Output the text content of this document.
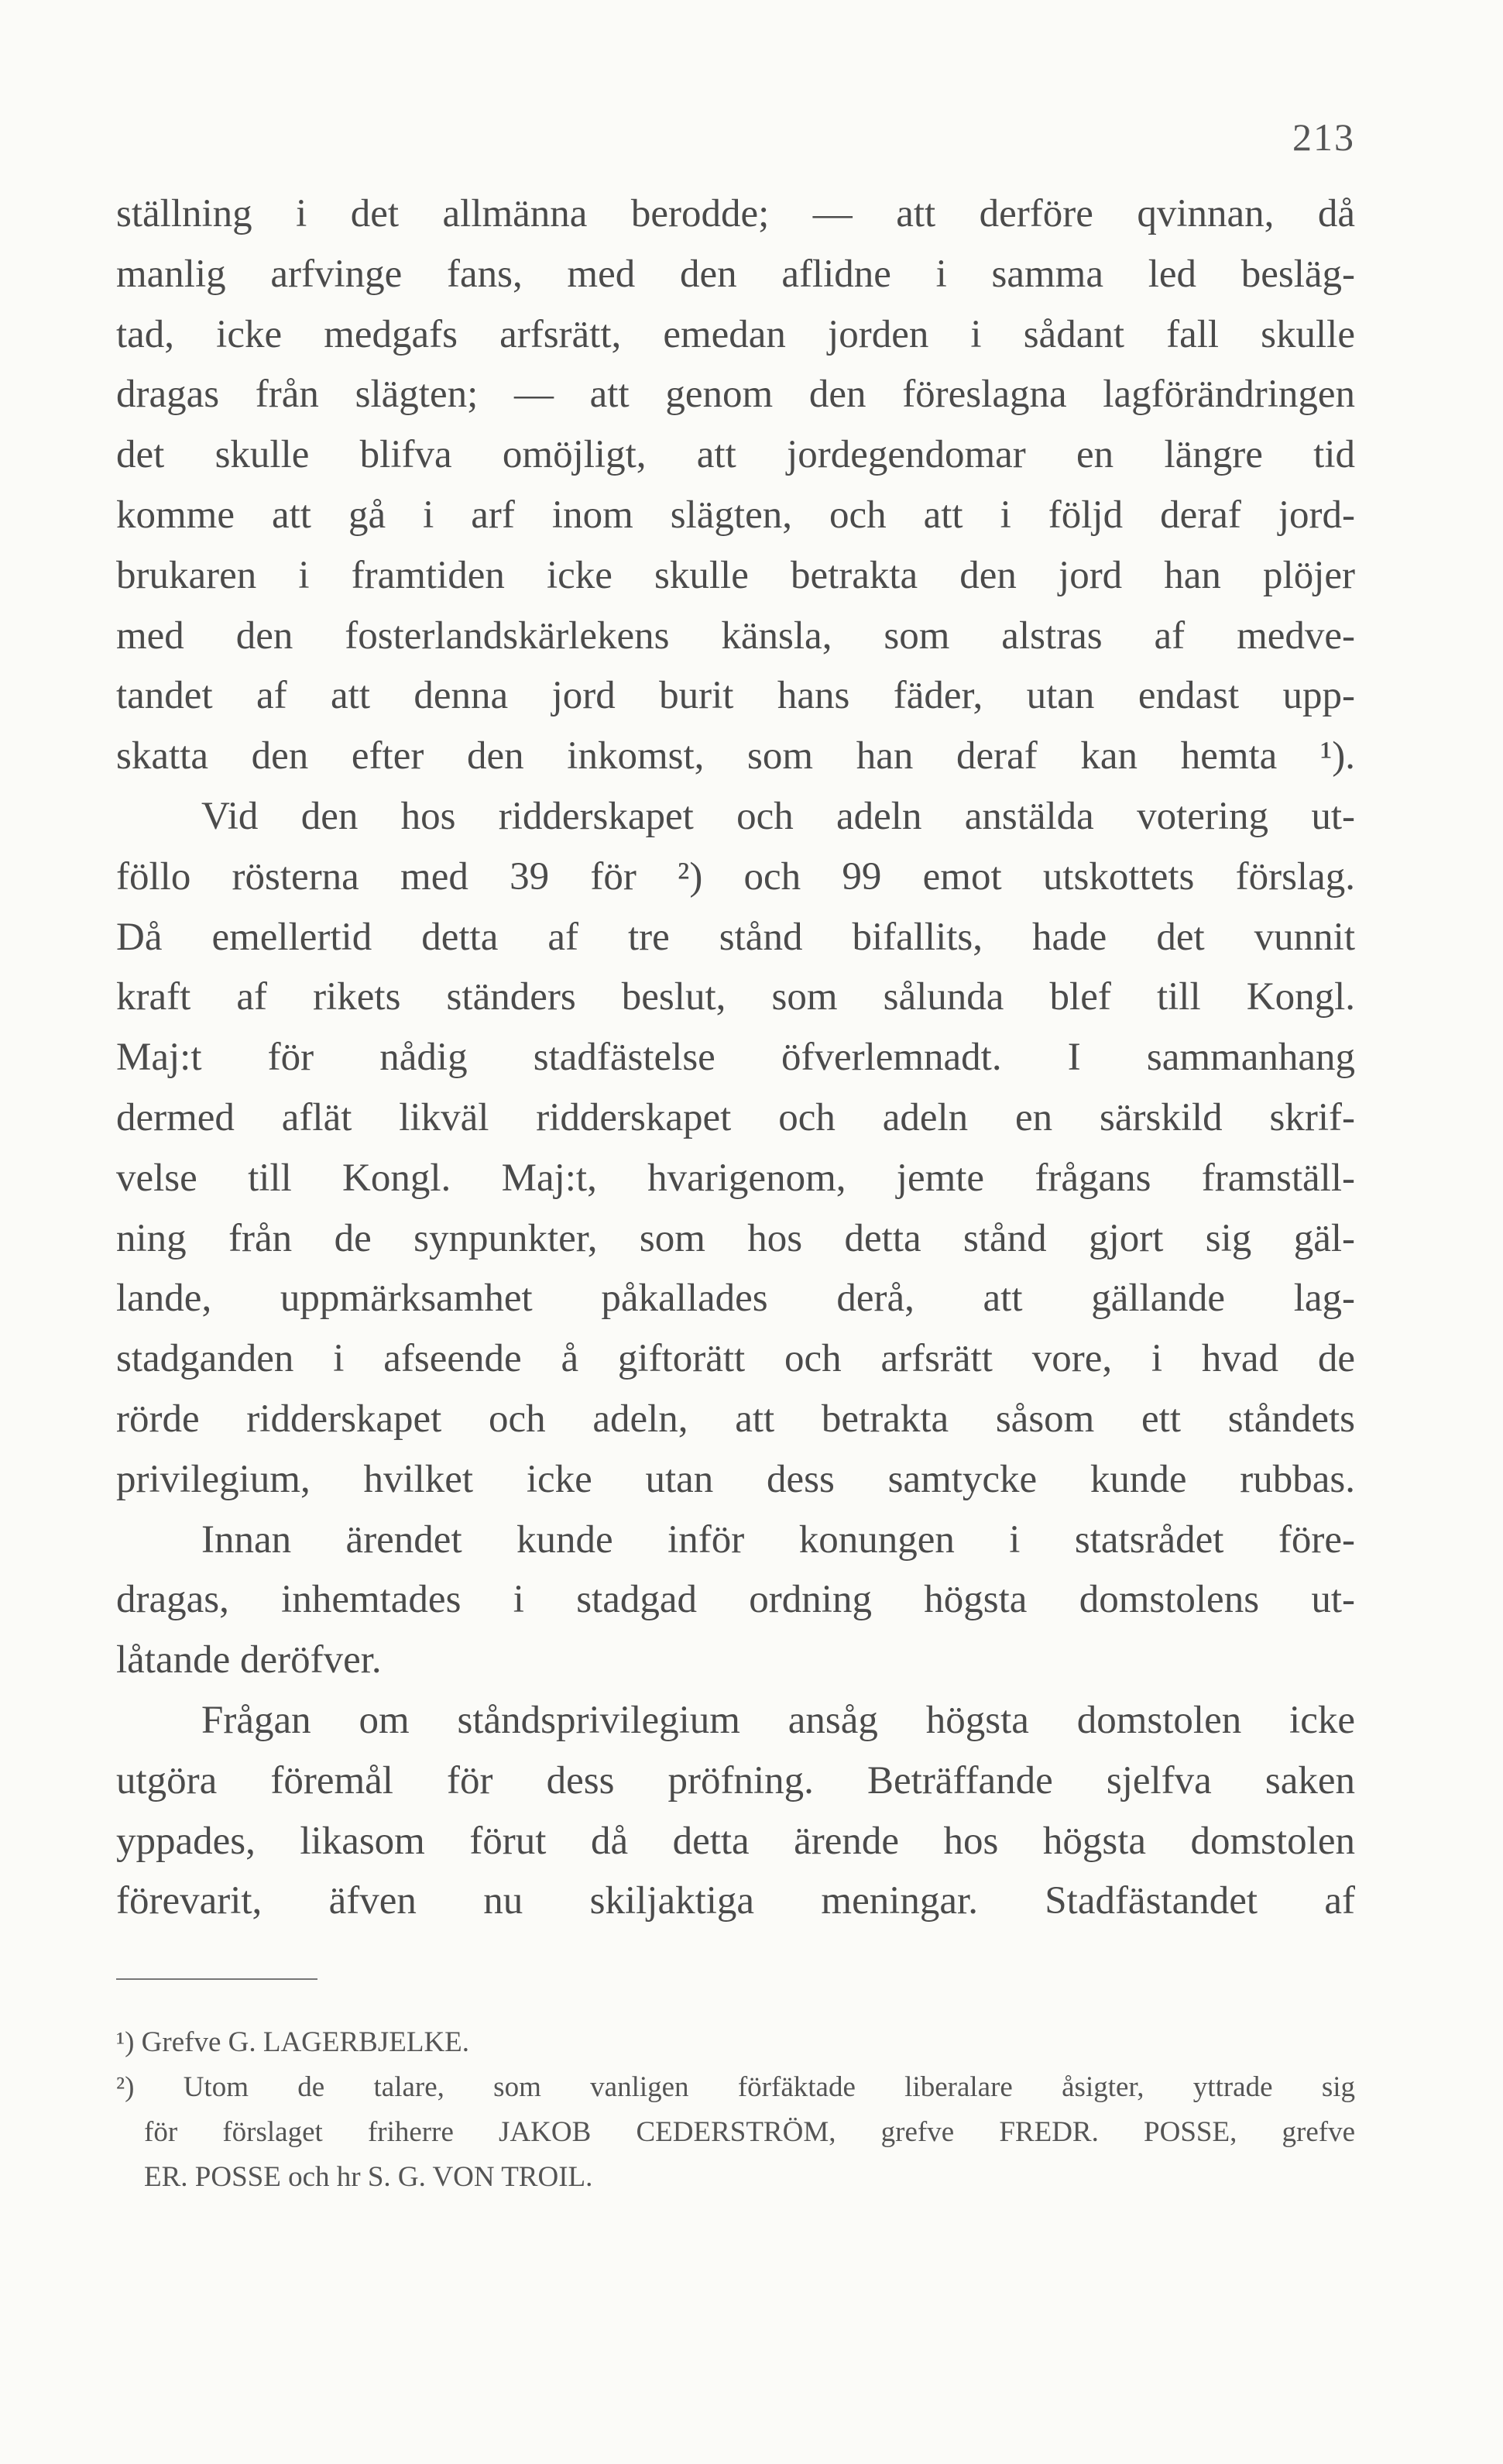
213
ställning i det allmänna berodde; — att derföre qvinnan, då
manlig arfvinge fans, med den aflidne i samma led besläg-
tad, icke medgafs arfsrätt, emedan jorden i sådant fall skulle
dragas från slägten; — att genom den föreslagna lagförändringen
det skulle blifva omöjligt, att jordegendomar en längre tid
komme att gå i arf inom slägten, och att i följd deraf jord-
brukaren i framtiden icke skulle betrakta den jord han plöjer
med den fosterlandskärlekens känsla, som alstras af medve-
tandet af att denna jord burit hans fäder, utan endast upp-
skatta den efter den inkomst, som han deraf kan hemta ¹).
Vid den hos ridderskapet och adeln anstälda votering ut-
föllo rösterna med 39 för ²) och 99 emot utskottets förslag.
Då emellertid detta af tre stånd bifallits, hade det vunnit
kraft af rikets ständers beslut, som sålunda blef till Kongl.
Maj:t för nådig stadfästelse öfverlemnadt. I sammanhang
dermed aflät likväl ridderskapet och adeln en särskild skrif-
velse till Kongl. Maj:t, hvarigenom, jemte frågans framställ-
ning från de synpunkter, som hos detta stånd gjort sig gäl-
lande, uppmärksamhet påkallades derå, att gällande lag-
stadganden i afseende å giftorätt och arfsrätt vore, i hvad de
rörde ridderskapet och adeln, att betrakta såsom ett ståndets
privilegium, hvilket icke utan dess samtycke kunde rubbas.
Innan ärendet kunde inför konungen i statsrådet före-
dragas, inhemtades i stadgad ordning högsta domstolens ut-
låtande deröfver.
Frågan om ståndsprivilegium ansåg högsta domstolen icke
utgöra föremål för dess pröfning. Beträffande sjelfva saken
yppades, likasom förut då detta ärende hos högsta domstolen
förevarit, äfven nu skiljaktiga meningar. Stadfästandet af
¹) Grefve G. LAGERBJELKE.
²) Utom de talare, som vanligen förfäktade liberalare åsigter, yttrade sig
för förslaget friherre JAKOB CEDERSTRÖM, grefve FREDR. POSSE, grefve
ER. POSSE och hr S. G. VON TROIL.
